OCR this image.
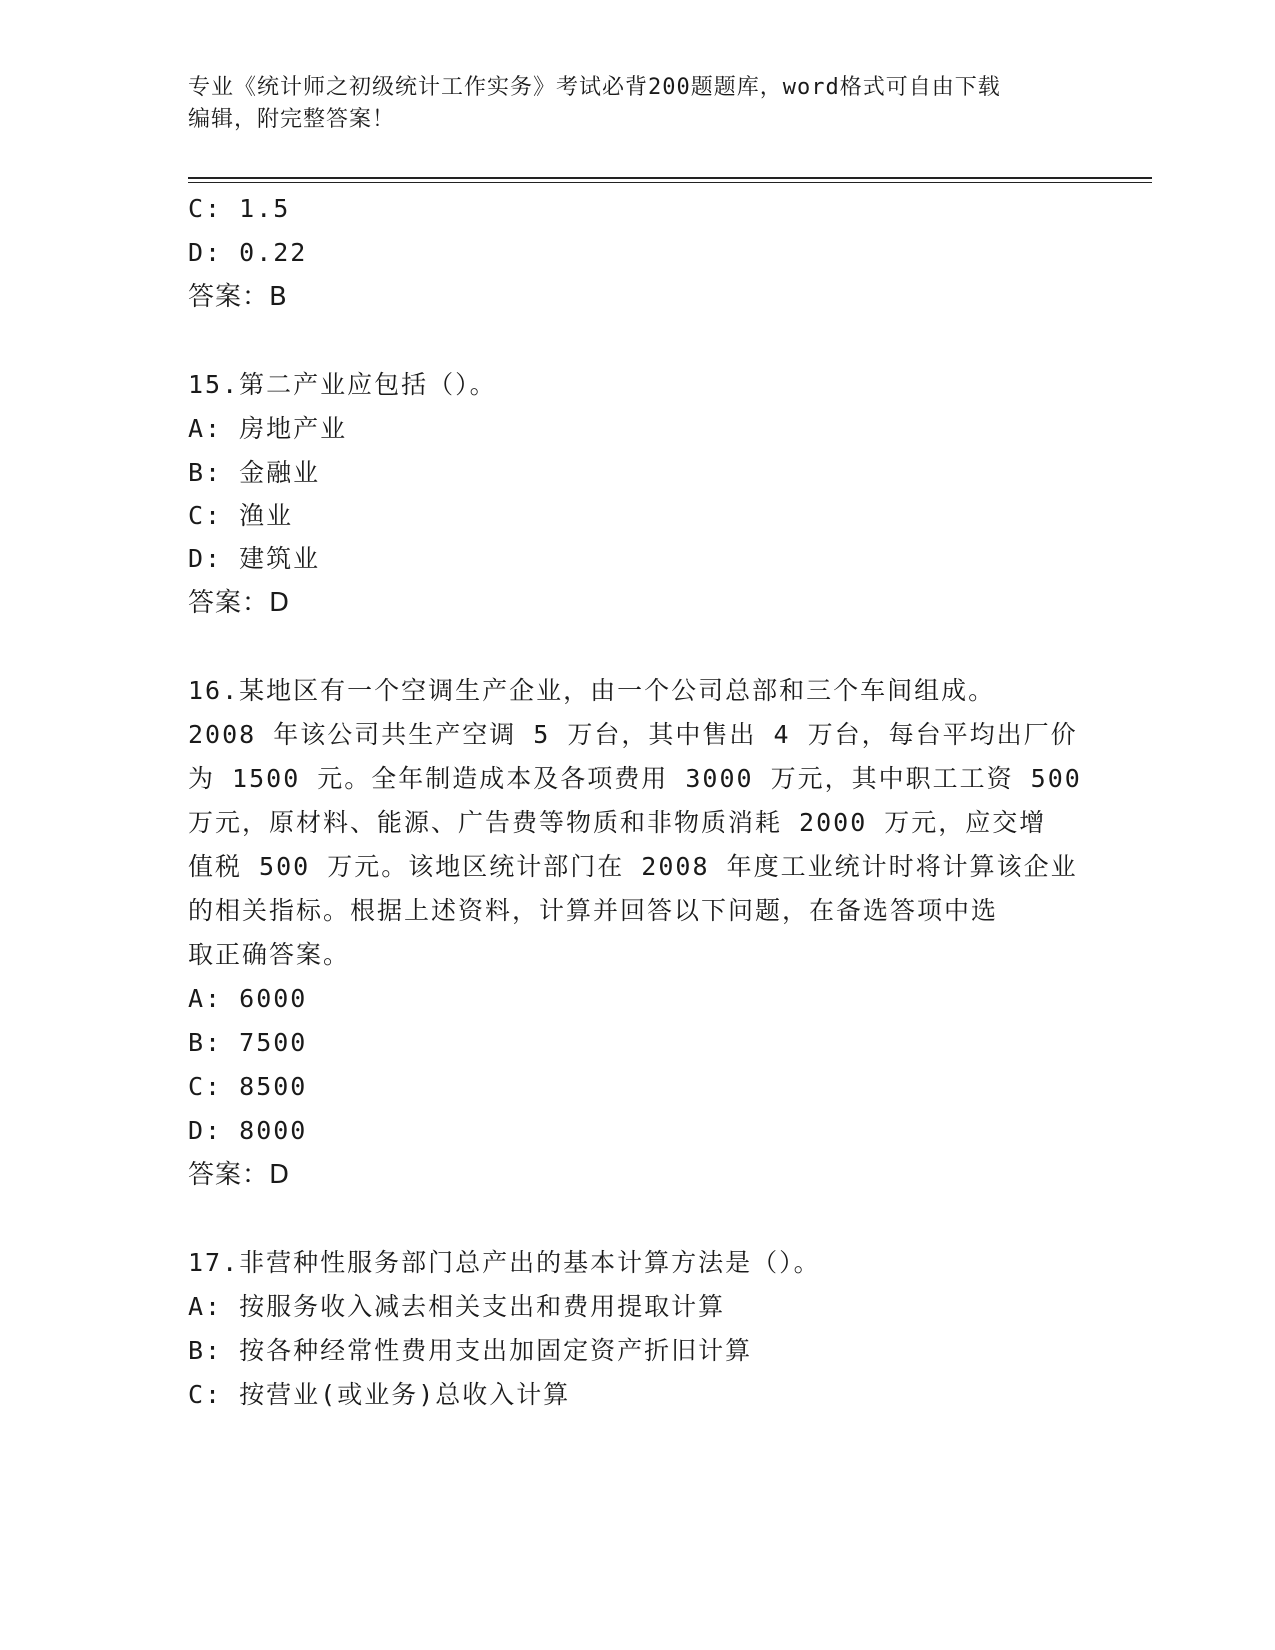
专业《统计师之初级统计工作实务》考试必背200题题库，word格式可自由下载
编辑，附完整答案！
C: 1.5
D: 0.22
答案：B
15.第二产业应包括（）。
A: 房地产业
B: 金融业
C: 渔业
D: 建筑业
答案：D
16.某地区有一个空调生产企业，由一个公司总部和三个车间组成。
2008 年该公司共生产空调 5 万台，其中售出 4 万台，每台平均出厂价
为 1500 元。全年制造成本及各项费用 3000 万元，其中职工工资 500
万元，原材料、能源、广告费等物质和非物质消耗 2000 万元，应交增
值税 500 万元。该地区统计部门在 2008 年度工业统计时将计算该企业
的相关指标。根据上述资料，计算并回答以下问题，在备选答项中选
取正确答案。
A: 6000
B: 7500
C: 8500
D: 8000
答案：D
17.非营种性服务部门总产出的基本计算方法是（）。
A: 按服务收入减去相关支出和费用提取计算
B: 按各种经常性费用支出加固定资产折旧计算
C: 按营业(或业务)总收入计算
